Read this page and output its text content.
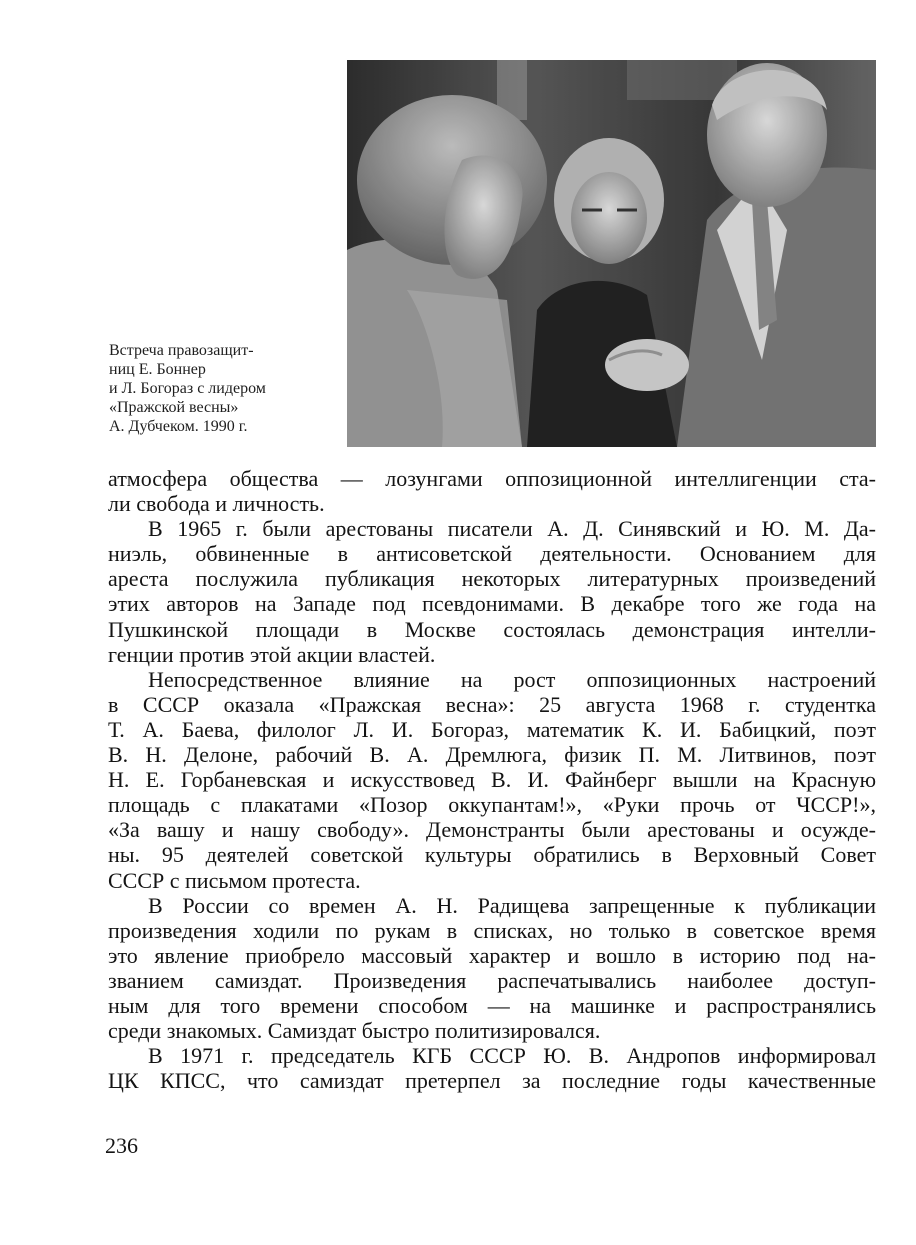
Встреча правозащит-
ниц Е. Боннер
и Л. Богораз с лидером
«Пражской весны»
А. Дубчеком. 1990 г.
атмосфера общества — лозунгами оппозиционной интеллигенции ста-
ли свобода и личность.
В 1965 г. были арестованы писатели А. Д. Синявский и Ю. М. Да-
ниэль, обвиненные в антисоветской деятельности. Основанием для
ареста послужила публикация некоторых литературных произведений
этих авторов на Западе под псевдонимами. В декабре того же года на
Пушкинской площади в Москве состоялась демонстрация интелли-
генции против этой акции властей.
Непосредственное влияние на рост оппозиционных настроений
в СССР оказала «Пражская весна»: 25 августа 1968 г. студентка
Т. А. Баева, филолог Л. И. Богораз, математик К. И. Бабицкий, поэт
В. Н. Делоне, рабочий В. А. Дремлюга, физик П. М. Литвинов, поэт
Н. Е. Горбаневская и искусствовед В. И. Файнберг вышли на Красную
площадь с плакатами «Позор оккупантам!», «Руки прочь от ЧССР!»,
«За вашу и нашу свободу». Демонстранты были арестованы и осужде-
ны. 95 деятелей советской культуры обратились в Верховный Совет
СССР с письмом протеста.
В России со времен А. Н. Радищева запрещенные к публикации
произведения ходили по рукам в списках, но только в советское время
это явление приобрело массовый характер и вошло в историю под на-
званием самиздат. Произведения распечатывались наиболее доступ-
ным для того времени способом — на машинке и распространялись
среди знакомых. Самиздат быстро политизировался.
В 1971 г. председатель КГБ СССР Ю. В. Андропов информировал
ЦК КПСС, что самиздат претерпел за последние годы качественные
236
